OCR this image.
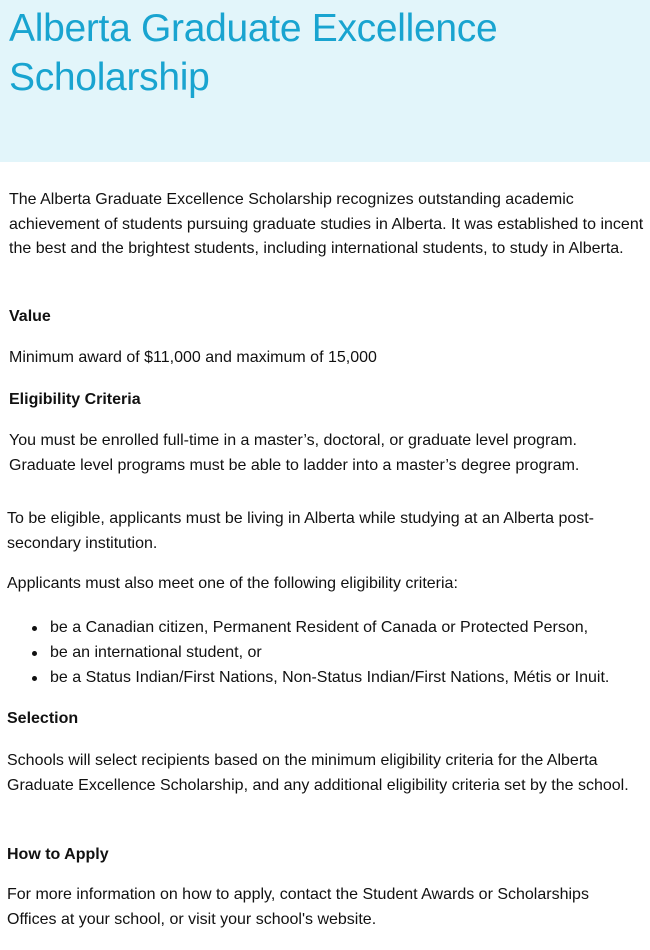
Alberta Graduate Excellence Scholarship

The Alberta Graduate Excellence Scholarship recognizes outstanding academic achievement of students pursuing graduate studies in Alberta. It was established to incent the best and the brightest students, including international students, to study in Alberta.

Value

Minimum award of $11,000 and maximum of 15,000

Eligibility Criteria

You must be enrolled full-time in a master’s, doctoral, or graduate level program. Graduate level programs must be able to ladder into a master’s degree program.

To be eligible, applicants must be living in Alberta while studying at an Alberta post-secondary institution.

Applicants must also meet one of the following eligibility criteria:

be a Canadian citizen, Permanent Resident of Canada or Protected Person,
be an international student, or
be a Status Indian/First Nations, Non-Status Indian/First Nations, Métis or Inuit.
Selection

Schools will select recipients based on the minimum eligibility criteria for the Alberta Graduate Excellence Scholarship, and any additional eligibility criteria set by the school.

How to Apply

For more information on how to apply, contact the Student Awards or Scholarships Offices at your school, or visit your school's website.
